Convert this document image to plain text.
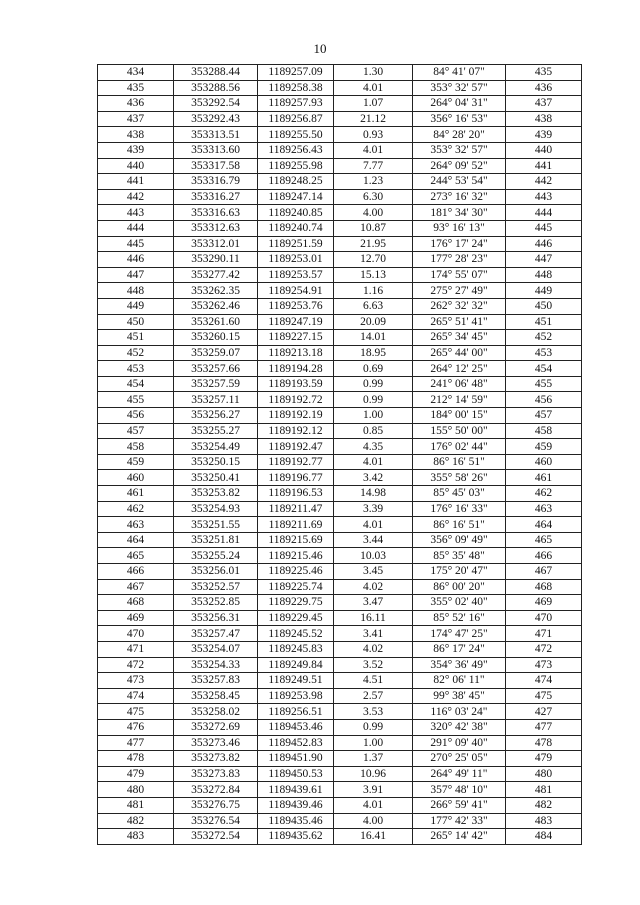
10
434	353288.44	1189257.09	1.30	84° 41' 07"	435
435	353288.56	1189258.38	4.01	353° 32' 57"	436
436	353292.54	1189257.93	1.07	264° 04' 31"	437
437	353292.43	1189256.87	21.12	356° 16' 53"	438
438	353313.51	1189255.50	0.93	84° 28' 20"	439
439	353313.60	1189256.43	4.01	353° 32' 57"	440
440	353317.58	1189255.98	7.77	264° 09' 52"	441
441	353316.79	1189248.25	1.23	244° 53' 54"	442
442	353316.27	1189247.14	6.30	273° 16' 32"	443
443	353316.63	1189240.85	4.00	181° 34' 30"	444
444	353312.63	1189240.74	10.87	93° 16' 13"	445
445	353312.01	1189251.59	21.95	176° 17' 24"	446
446	353290.11	1189253.01	12.70	177° 28' 23"	447
447	353277.42	1189253.57	15.13	174° 55' 07"	448
448	353262.35	1189254.91	1.16	275° 27' 49"	449
449	353262.46	1189253.76	6.63	262° 32' 32"	450
450	353261.60	1189247.19	20.09	265° 51' 41"	451
451	353260.15	1189227.15	14.01	265° 34' 45"	452
452	353259.07	1189213.18	18.95	265° 44' 00"	453
453	353257.66	1189194.28	0.69	264° 12' 25"	454
454	353257.59	1189193.59	0.99	241° 06' 48"	455
455	353257.11	1189192.72	0.99	212° 14' 59"	456
456	353256.27	1189192.19	1.00	184° 00' 15"	457
457	353255.27	1189192.12	0.85	155° 50' 00"	458
458	353254.49	1189192.47	4.35	176° 02' 44"	459
459	353250.15	1189192.77	4.01	86° 16' 51"	460
460	353250.41	1189196.77	3.42	355° 58' 26"	461
461	353253.82	1189196.53	14.98	85° 45' 03"	462
462	353254.93	1189211.47	3.39	176° 16' 33"	463
463	353251.55	1189211.69	4.01	86° 16' 51"	464
464	353251.81	1189215.69	3.44	356° 09' 49"	465
465	353255.24	1189215.46	10.03	85° 35' 48"	466
466	353256.01	1189225.46	3.45	175° 20' 47"	467
467	353252.57	1189225.74	4.02	86° 00' 20"	468
468	353252.85	1189229.75	3.47	355° 02' 40"	469
469	353256.31	1189229.45	16.11	85° 52' 16"	470
470	353257.47	1189245.52	3.41	174° 47' 25"	471
471	353254.07	1189245.83	4.02	86° 17' 24"	472
472	353254.33	1189249.84	3.52	354° 36' 49"	473
473	353257.83	1189249.51	4.51	82° 06' 11"	474
474	353258.45	1189253.98	2.57	99° 38' 45"	475
475	353258.02	1189256.51	3.53	116° 03' 24"	427
476	353272.69	1189453.46	0.99	320° 42' 38"	477
477	353273.46	1189452.83	1.00	291° 09' 40"	478
478	353273.82	1189451.90	1.37	270° 25' 05"	479
479	353273.83	1189450.53	10.96	264° 49' 11"	480
480	353272.84	1189439.61	3.91	357° 48' 10"	481
481	353276.75	1189439.46	4.01	266° 59' 41"	482
482	353276.54	1189435.46	4.00	177° 42' 33"	483
483	353272.54	1189435.62	16.41	265° 14' 42"	484
